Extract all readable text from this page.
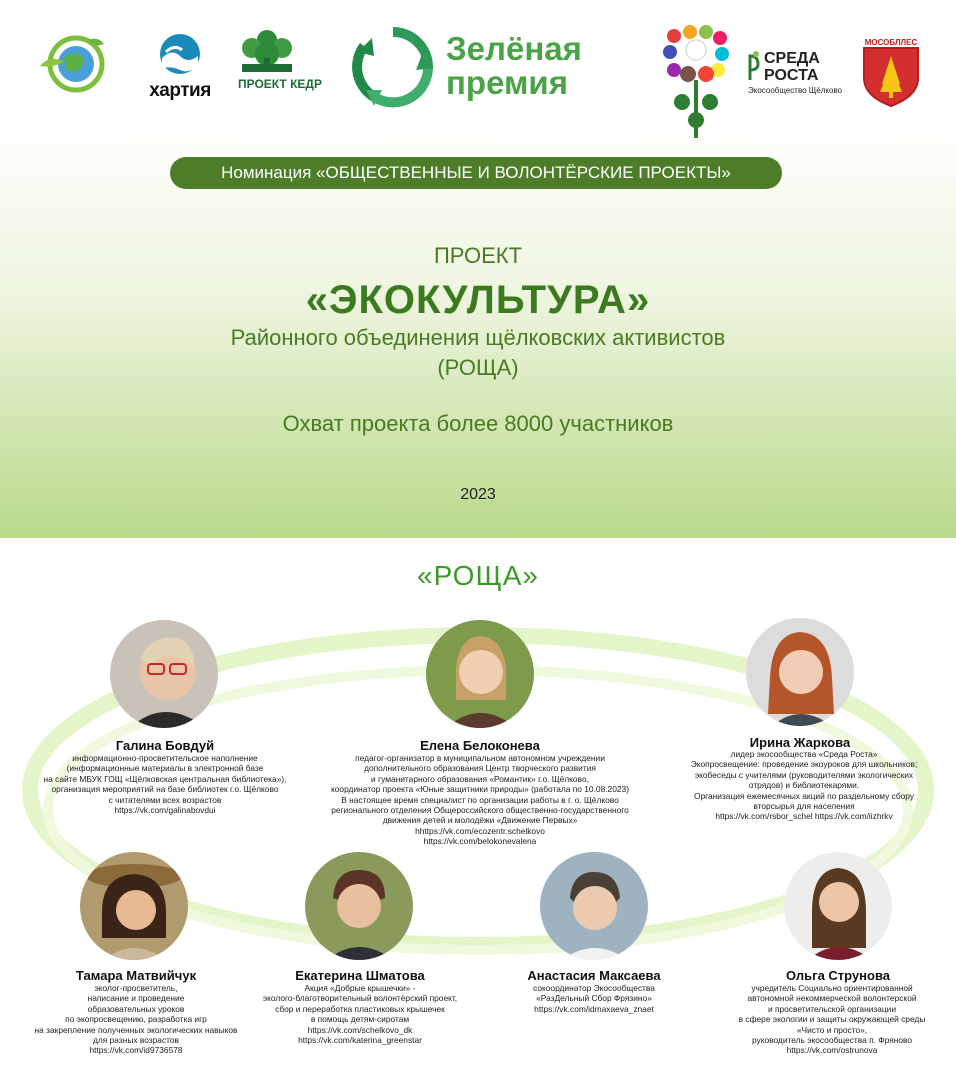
хартия	ПРОЕКТ КЕДР
Зелёная
премия
СРЕДА
РОСТА
Экосообщество Щёлково
МОСОБЛЛЕС
Номинация «ОБЩЕСТВЕННЫЕ И ВОЛОНТЁРСКИЕ ПРОЕКТЫ»
ПРОЕКТ
«ЭКОКУЛЬТУРА»
Районного объединения щёлковских активистов
(РОЩА)
Охват проекта более 8000 участников
2023
«РОЩА»
Галина Бовдуй
информационно-просветительское наполнение
(информационные материалы в электронной базе
на сайте МБУК ГОЩ «Щёлковская центральная библиотека»),
организация мероприятий на базе библиотек г.о. Щёлково
с читателями всех возрастов
https://vk.com/galinabovdui
Елена Белоконева
педагог-организатор в муниципальном автономном учреждении
дополнительного образования Центр творческого развития
и гуманитарного образования «Романтик» г.о. Щёлково,
координатор проекта «Юные защитники природы» (работала по 10.08.2023)
В настоящее время специалист по организации работы в г. о. Щёлково
регионального отделения Общероссийского общественно-государственного
движения детей и молодёжи «Движение Первых»
hhttps://vk.com/ecozentr.schelkovo
https://vk.com/belokonevalena
Ирина Жаркова
лидер экосообщества «Среда Роста»
Экопросвещение: проведение экоуроков для школьников;
экобеседы с учителями (руководителями экологических
отрядов) и библиотекарями.
Организация ежемесячных акций по раздельному сбору
вторсырья для населения
https://vk.com/rsbor_schel https://vk.com/iizhrkv
Тамара Матвийчук
эколог-просветитель,
написание и проведение
образовательных уроков
по экопросвещению, разработка игр
на закрепление полученных экологических навыков
для разных возрастов
https://vk.com/id9736578
Екатерина Шматова
Акция «Добрые крышечки» -
эколого-благотворительный волонтёрский проект,
сбор и переработка пластиковых крышечек
в помощь детям-сиротам
https://vk.com/schelkovo_dk
https://vk.com/katerina_greenstar
Анастасия Максаева
сокоординатор Экосообщества
«РазДельный Сбор Фрязино»
https://vk.com/idmaxaeva_znaet
Ольга Струнова
учредитель Социально ориентированной
автономной некоммерческой волонтерской
и просветительской организации
в сфере экологии и защиты окружающей среды
«Чисто и просто»,
руководитель экосообщества п. Фряново
https://vk.com/ostrunova
